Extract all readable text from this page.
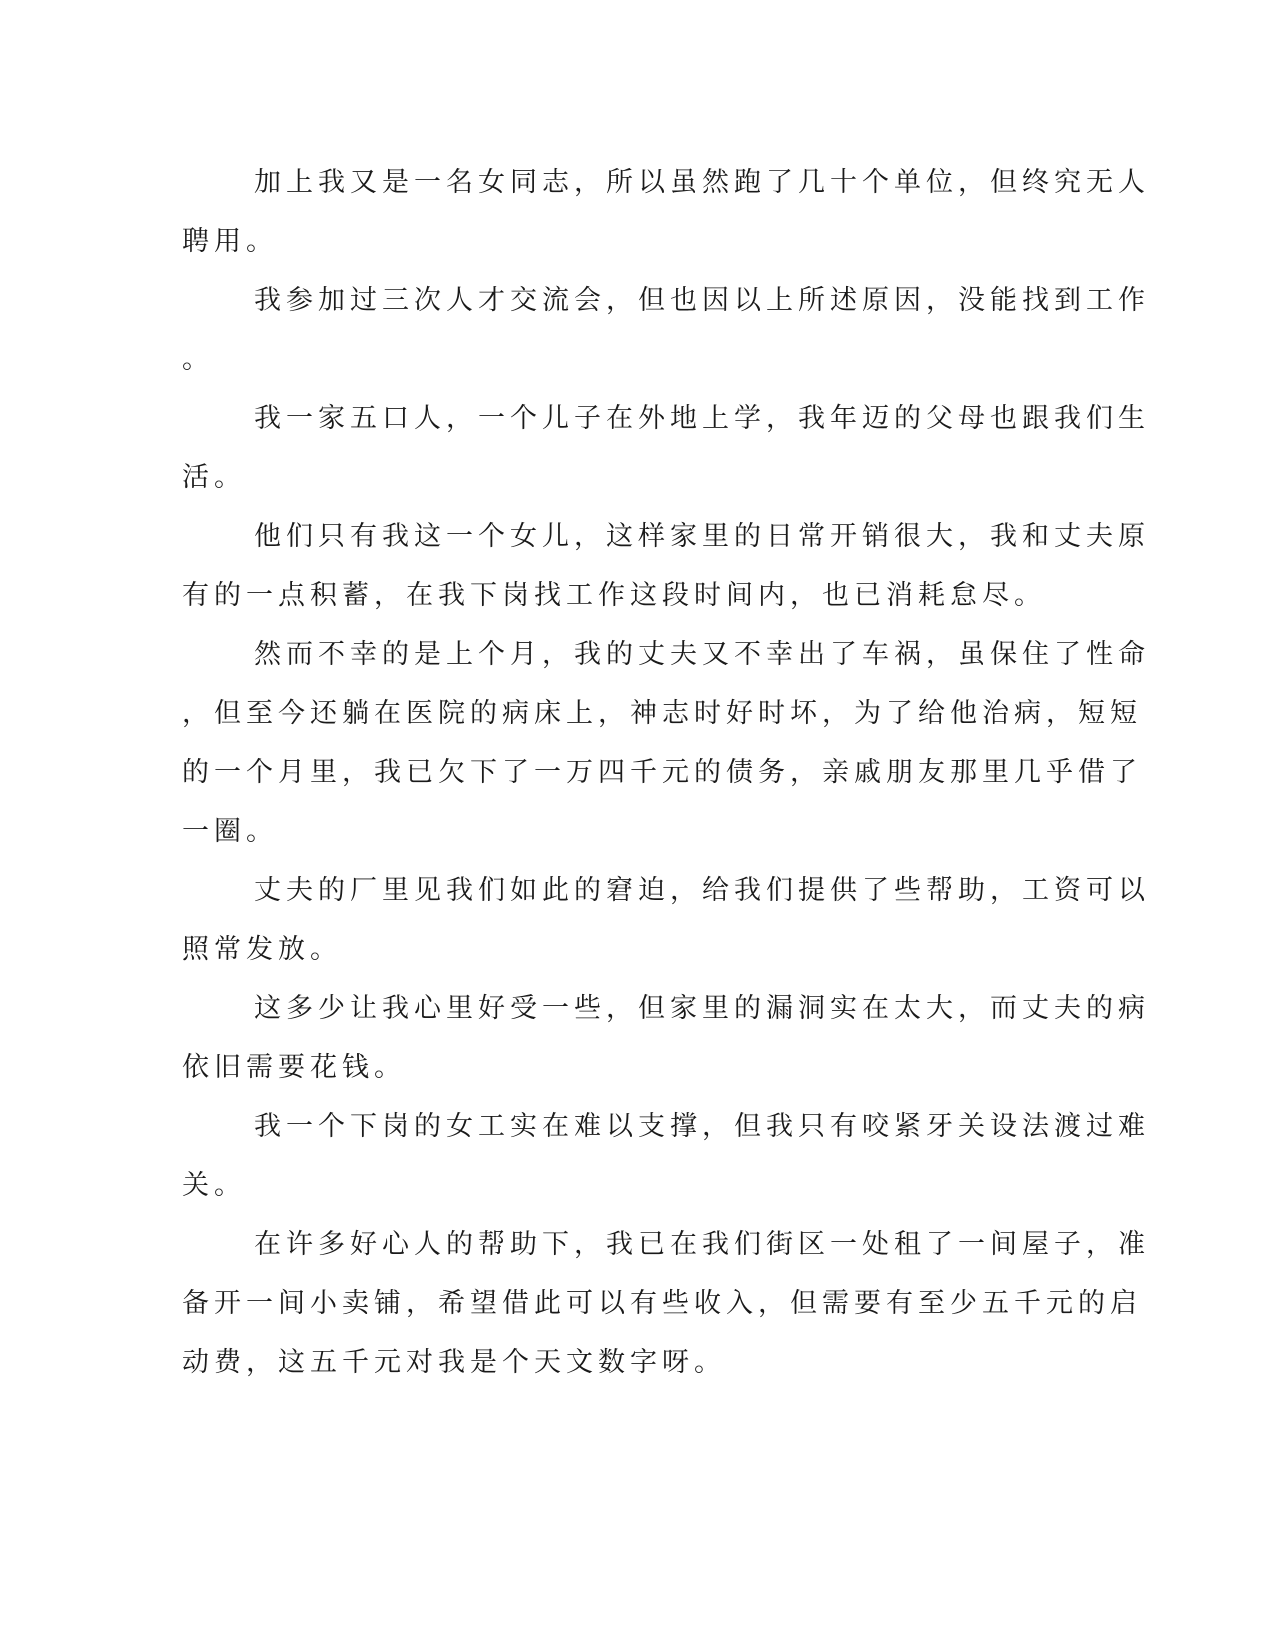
加上我又是一名女同志，所以虽然跑了几十个单位，但终究无人
聘用。
我参加过三次人才交流会，但也因以上所述原因，没能找到工作
。
我一家五口人，一个儿子在外地上学，我年迈的父母也跟我们生
活。
他们只有我这一个女儿，这样家里的日常开销很大，我和丈夫原
有的一点积蓄，在我下岗找工作这段时间内，也已消耗怠尽。
然而不幸的是上个月，我的丈夫又不幸出了车祸，虽保住了性命
，但至今还躺在医院的病床上，神志时好时坏，为了给他治病，短短
的一个月里，我已欠下了一万四千元的债务，亲戚朋友那里几乎借了
一圈。
丈夫的厂里见我们如此的窘迫，给我们提供了些帮助，工资可以
照常发放。
这多少让我心里好受一些，但家里的漏洞实在太大，而丈夫的病
依旧需要花钱。
我一个下岗的女工实在难以支撑，但我只有咬紧牙关设法渡过难
关。
在许多好心人的帮助下，我已在我们街区一处租了一间屋子，准
备开一间小卖铺，希望借此可以有些收入，但需要有至少五千元的启
动费，这五千元对我是个天文数字呀。
